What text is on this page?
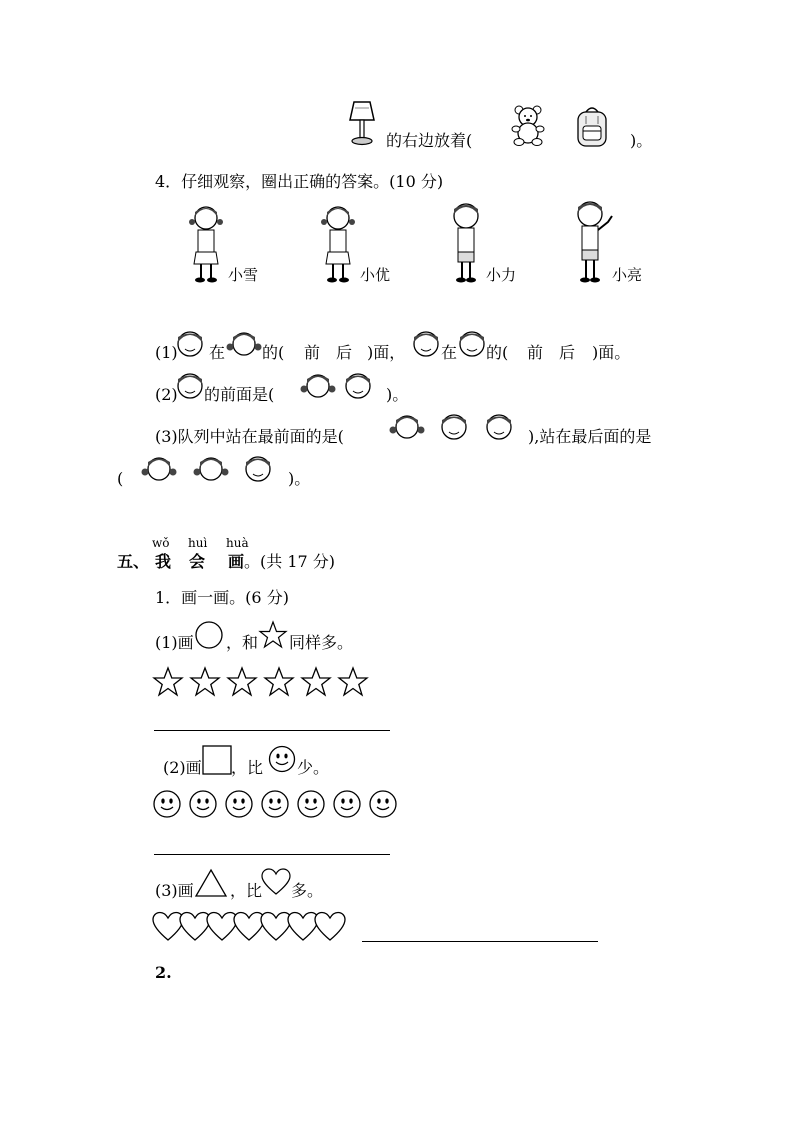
的右边放着(	)。
4．仔细观察，圈出正确的答案。(10 分)
小雪	小优	小力	小亮
(1) 在 的( 前　后 )面， 在 的( 前　后 )面。
(2) 的前面是(	)。
(3)队列中站在最前面的是(	),站在最后面的是
(	)。
五、
wǒ
我
huì
会
huà
画 。(共 17 分)
1．画一画。(6 分)
(1)画 ，和 同样多。
(2)画 ，比 少。
(3)画 ，比 多。
2.
